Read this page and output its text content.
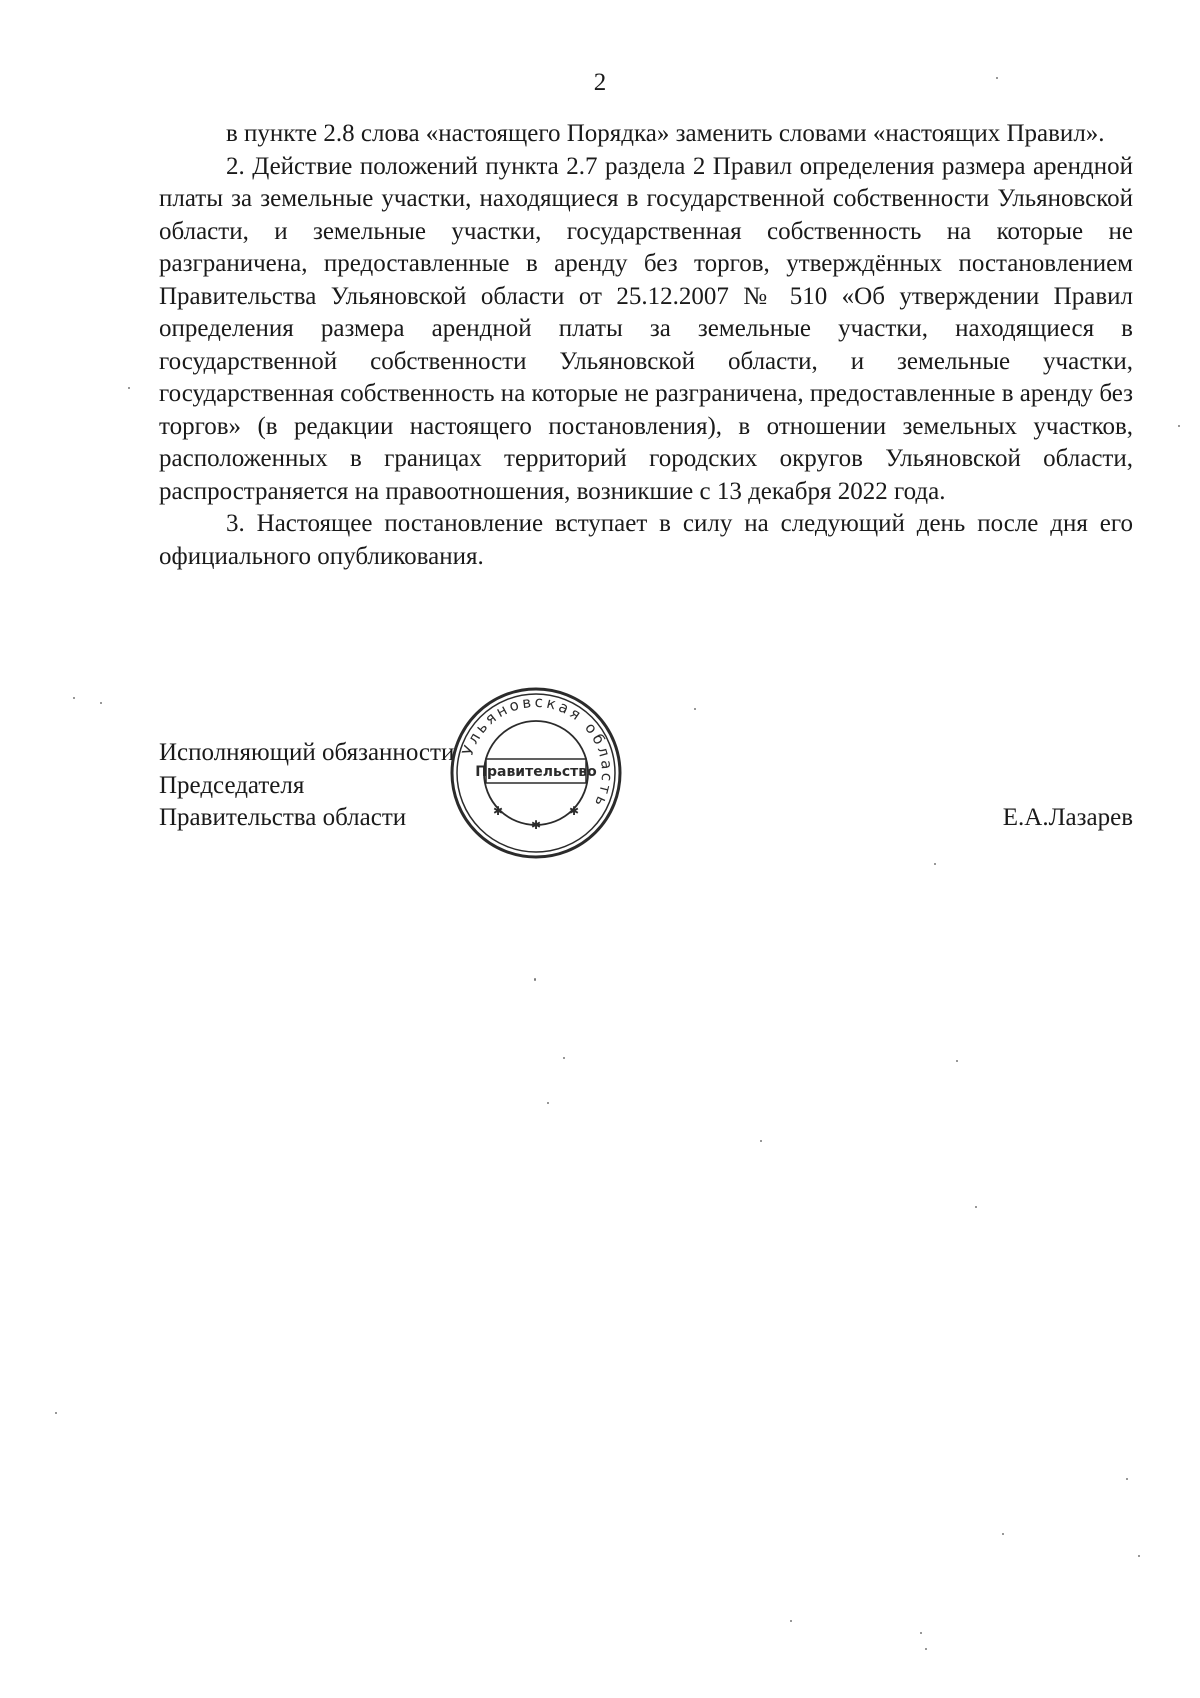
2

в пункте 2.8 слова «настоящего Порядка» заменить словами «настоящих Правил».

2. Действие положений пункта 2.7 раздела 2 Правил определения размера арендной платы за земельные участки, находящиеся в государственной собственности Ульяновской области, и земельные участки, государственная собственность на которые не разграничена, предоставленные в аренду без торгов, утверждённых постановлением Правительства Ульяновской области от 25.12.2007 № 510 «Об утверждении Правил определения размера арендной платы за земельные участки, находящиеся в государственной собственности Ульяновской области, и земельные участки, государственная собственность на которые не разграничена, предоставленные в аренду без торгов» (в редакции настоящего постановления), в отношении земельных участков, расположенных в границах территорий городских округов Ульяновской области, распространяется на правоотношения, возникшие с 13 декабря 2022 года.

3. Настоящее постановление вступает в силу на следующий день после дня его официального опубликования.

Исполняющий обязанности
Председателя
Правительства области	Е.А.Лазарев
Ульяновская область
Правительство
✱
✱
✱
